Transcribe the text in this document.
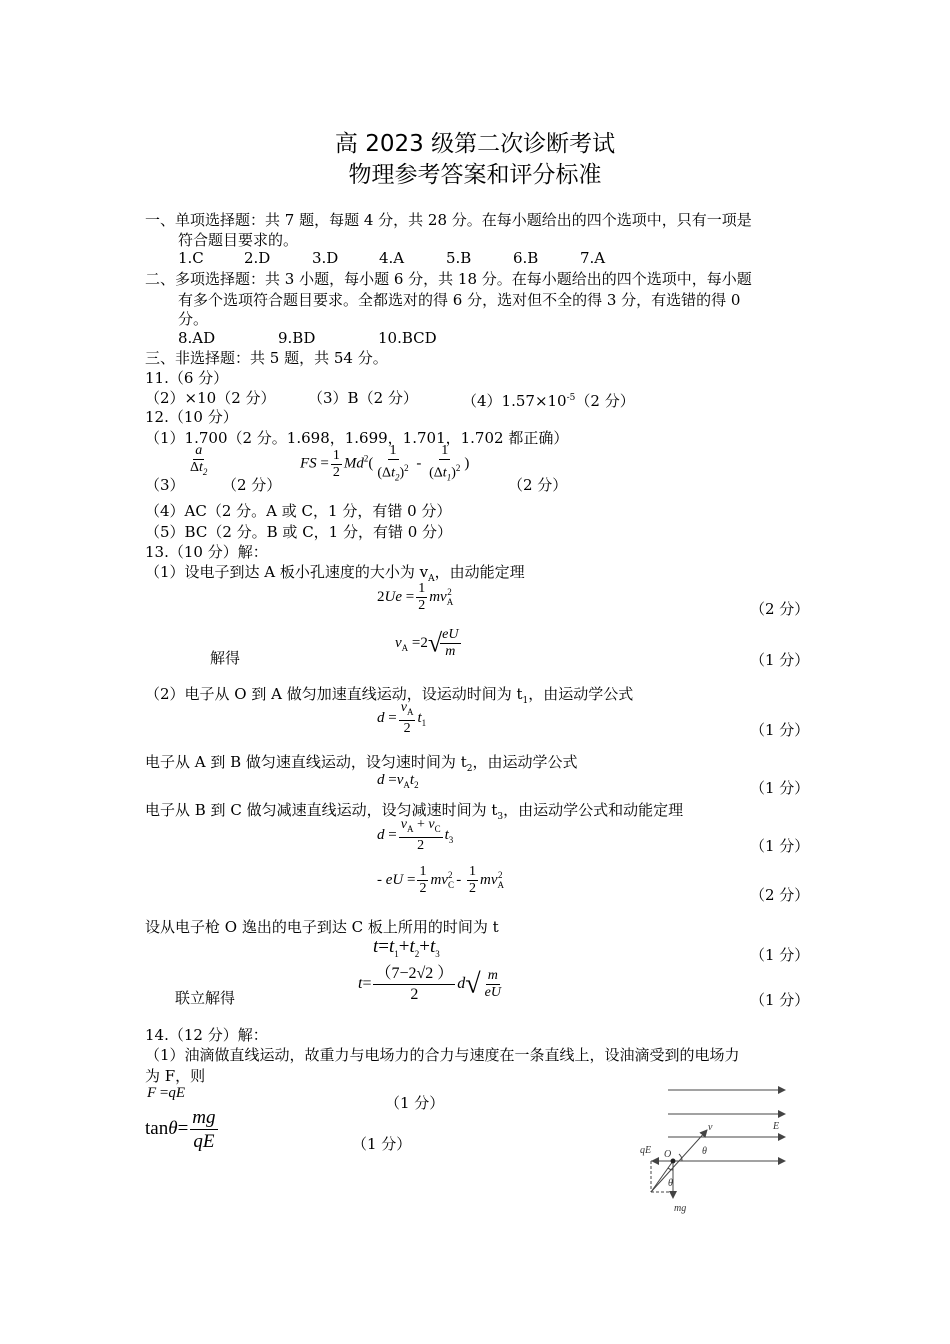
高 2023 级第二次诊断考试
物理参考答案和评分标准
一、单项选择题：共 7 题，每题 4 分，共 28 分。在每小题给出的四个选项中，只有一项是
符合题目要求的。
1.C	2.D	3.D	4.A	5.B	6.B	7.A
二、多项选择题：共 3 小题，每小题 6 分，共 18 分。在每小题给出的四个选项中，每小题
有多个选项符合题目要求。全都选对的得 6 分，选对但不全的得 3 分，有选错的得 0
分。
8.AD	9.BD	10.BCD
三、非选择题：共 5 题，共 54 分。
11.（6 分）
（2）×10（2 分） （3）B（2 分）	$(4)1.57\times 10^{-5}(2$ 分）
12.（10 分）
（1）1.700（2 分。1.698，1.699，1.701，1.702 都正确）
（3）
$\frac{a}{\Delta t_2}$
（2 分）
FS = $\frac{1}{2} Md^2( \frac{1}{(\Delta t_2)^2} - \frac{1}{(\Delta t_1)^2}$ )
（2 分）
（4）AC（2 分。A 或 C，1 分，有错 0 分）
（5）BC（2 分。B 或 C，1 分，有错 0 分）
13.（10 分）解：
（1）设电子到达 A 板小孔速度的大小为 $v_A$，由动能定理
$2Ue = \frac{1}{2} mv_A^2$
（2 分）
解得
$v_A =2√$
$\frac{eU}{m}$	（1 分）
（2）电子从 O 到 A 做匀加速直线运动，设运动时间为 $t_1$，由运动学公式
$d = \frac{v_A}{2} t_1$	（1 分）
电子从 A 到 B 做匀速直线运动，设匀速时间为 $t_2$，由运动学公式
$d =v_At_2$	（1 分）
电子从 B 到 C 做匀减速直线运动，设匀减速时间为 $t_3$，由运动学公式和动能定理
$d = \frac{v_A + v_C}{2} t_3$	（1 分）
- eU = $\frac{1}{2} mv_C^2 - \frac{1}{2} mv_A^2$
（2 分）
设从电子枪 O 逸出的电子到达 C 板上所用的时间为 t
$t=t_1+t_2+t_3$	（1 分）
联立解得
$t= \frac{(7-2√2 )}{2} d√ \frac{m}{eU}$	（1 分）
14.（12 分）解：
（1）油滴做直线运动，故重力与电场力的合力与速度在一条直线上，设油滴受到的电场力
为 F，则
F =qE
（1 分）
$\tan\theta= \frac{mg}{qE}$	（1 分）
v	E
qE O	θ
θ
mg
